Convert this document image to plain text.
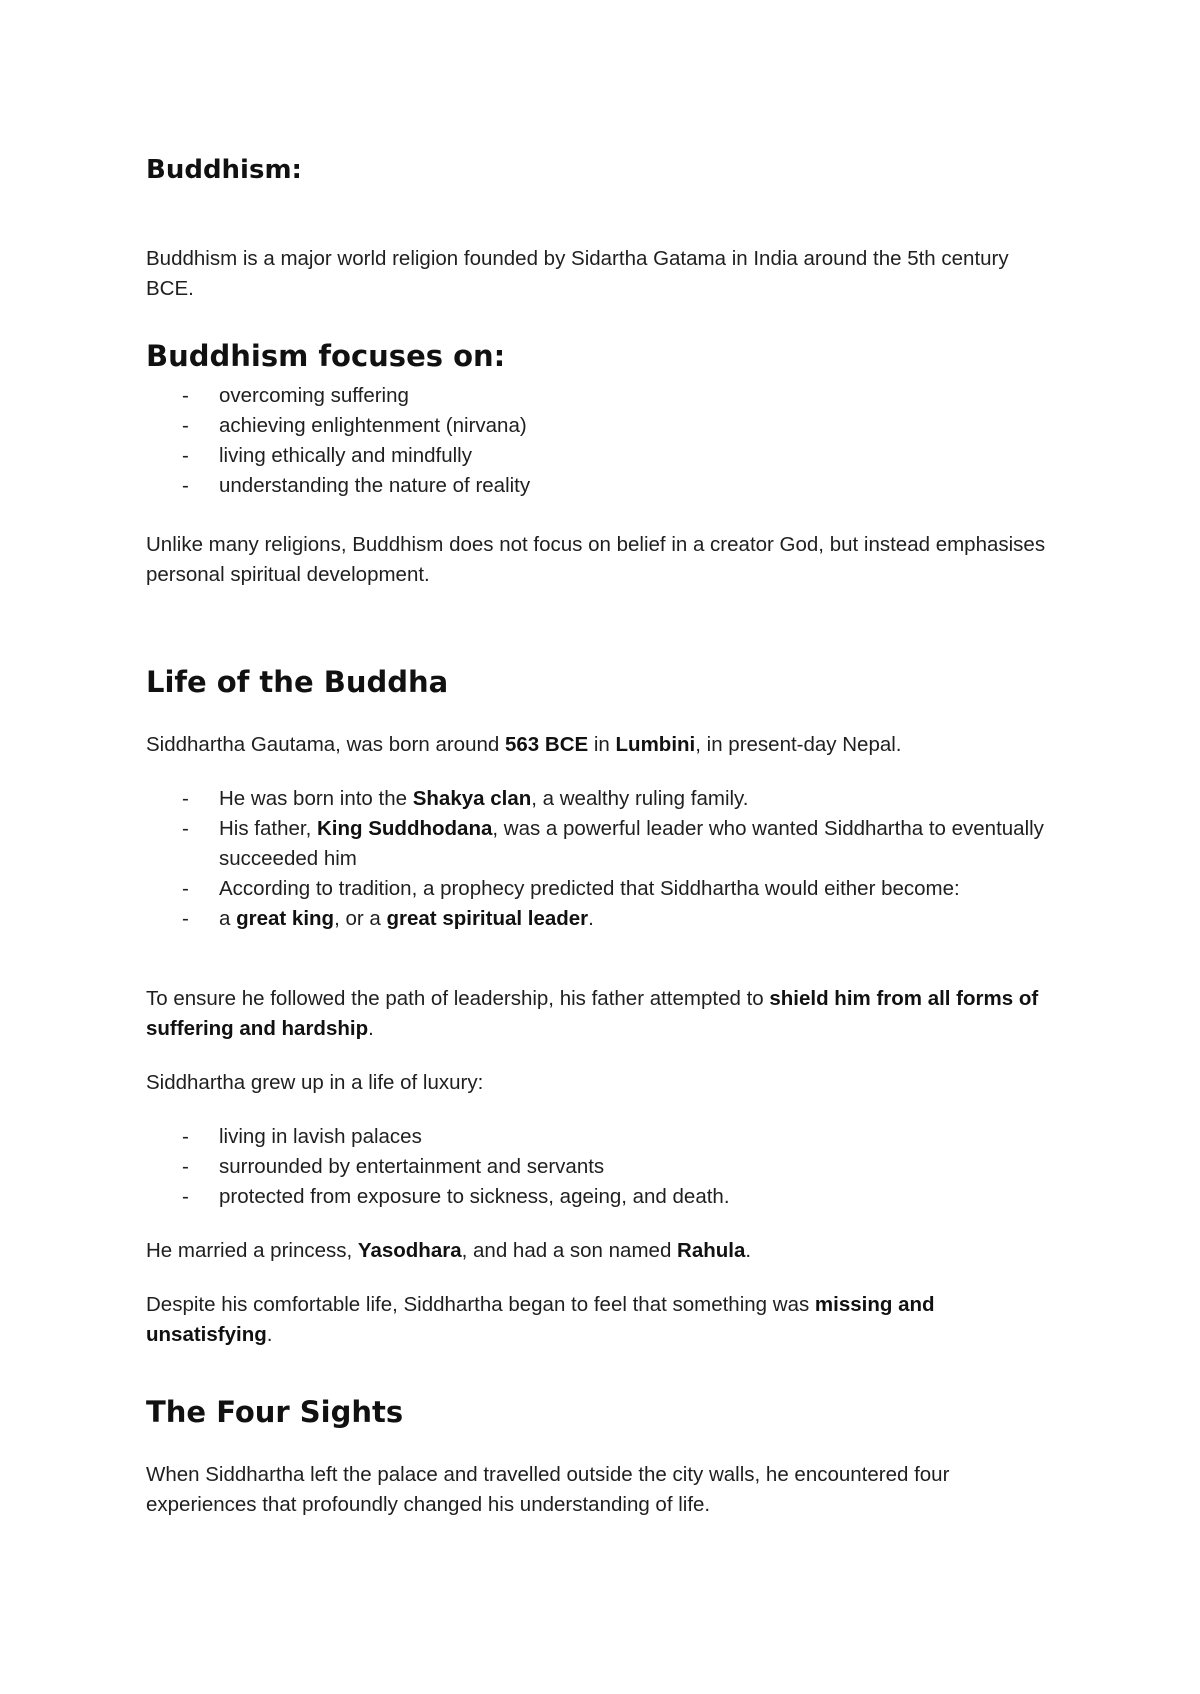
Buddhism:

Buddhism is a major world religion founded by Sidartha Gatama in India around the 5th century BCE.

Buddhism focuses on:
- overcoming suffering
- achieving enlightenment (nirvana)
- living ethically and mindfully
- understanding the nature of reality

Unlike many religions, Buddhism does not focus on belief in a creator God, but instead emphasises personal spiritual development.

Life of the Buddha

Siddhartha Gautama, was born around 563 BCE in Lumbini, in present-day Nepal.

- He was born into the Shakya clan, a wealthy ruling family.
- His father, King Suddhodana, was a powerful leader who wanted Siddhartha to eventually succeeded him
- According to tradition, a prophecy predicted that Siddhartha would either become:
- a great king, or a great spiritual leader.

To ensure he followed the path of leadership, his father attempted to shield him from all forms of suffering and hardship.

Siddhartha grew up in a life of luxury:

- living in lavish palaces
- surrounded by entertainment and servants
- protected from exposure to sickness, ageing, and death.

He married a princess, Yasodhara, and had a son named Rahula.

Despite his comfortable life, Siddhartha began to feel that something was missing and unsatisfying.

The Four Sights

When Siddhartha left the palace and travelled outside the city walls, he encountered four experiences that profoundly changed his understanding of life.
